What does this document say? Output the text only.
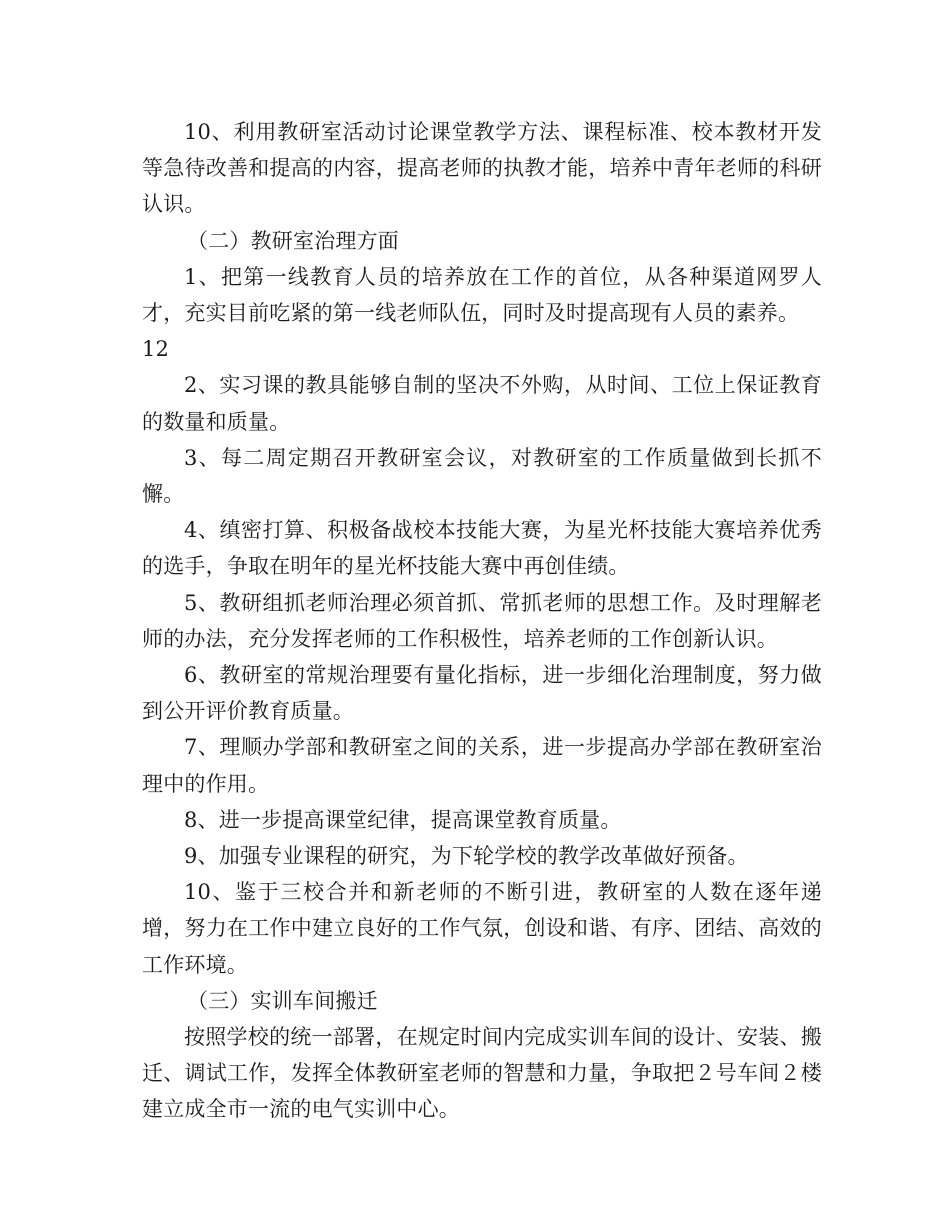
10、利用教研室活动讨论课堂教学方法、课程标准、校本教材开发等急待改善和提高的内容，提高老师的执教才能，培养中青年老师的科研认识。

（二）教研室治理方面

1、把第一线教育人员的培养放在工作的首位，从各种渠道网罗人才，充实目前吃紧的第一线老师队伍，同时及时提高现有人员的素养。

12

2、实习课的教具能够自制的坚决不外购，从时间、工位上保证教育的数量和质量。

3、每二周定期召开教研室会议，对教研室的工作质量做到长抓不懈。

4、缜密打算、积极备战校本技能大赛，为星光杯技能大赛培养优秀的选手，争取在明年的星光杯技能大赛中再创佳绩。

5、教研组抓老师治理必须首抓、常抓老师的思想工作。及时理解老师的办法，充分发挥老师的工作积极性，培养老师的工作创新认识。

6、教研室的常规治理要有量化指标，进一步细化治理制度，努力做到公开评价教育质量。

7、理顺办学部和教研室之间的关系，进一步提高办学部在教研室治理中的作用。

8、进一步提高课堂纪律，提高课堂教育质量。

9、加强专业课程的研究，为下轮学校的教学改革做好预备。

10、鉴于三校合并和新老师的不断引进，教研室的人数在逐年递增，努力在工作中建立良好的工作气氛，创设和谐、有序、团结、高效的工作环境。

（三）实训车间搬迁

按照学校的统一部署，在规定时间内完成实训车间的设计、安装、搬迁、调试工作，发挥全体教研室老师的智慧和力量，争取把２号车间２楼建立成全市一流的电气实训中心。
